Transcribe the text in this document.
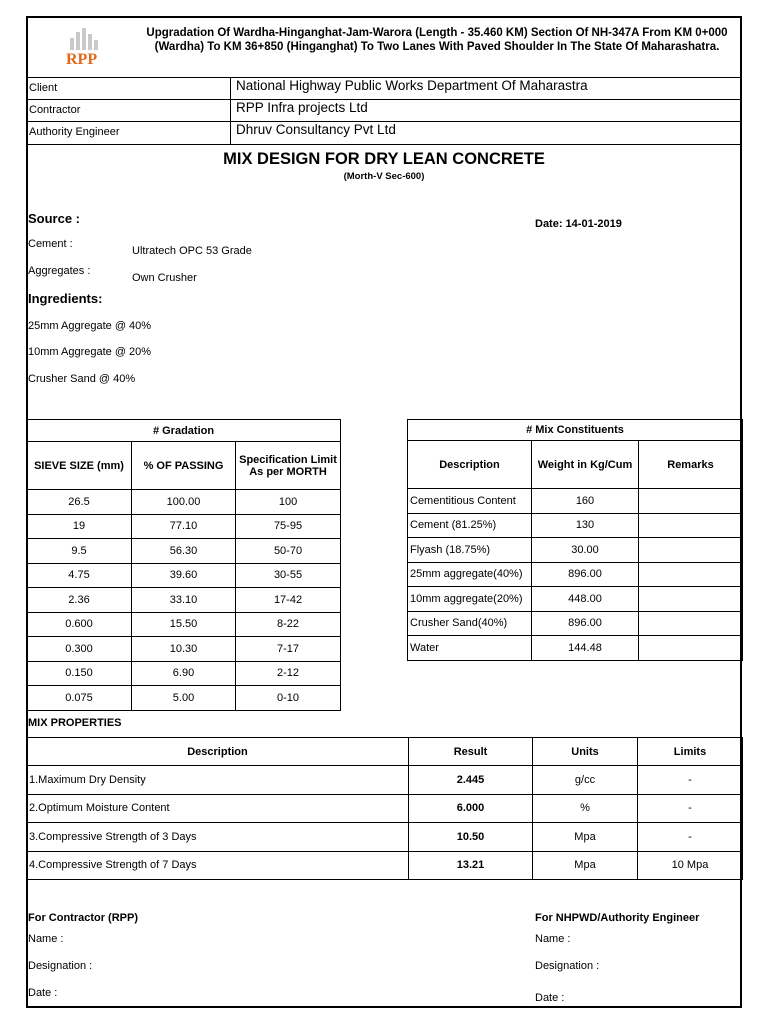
RPP
Upgradation Of Wardha-Hinganghat-Jam-Warora (Length - 35.460 KM) Section Of NH-347A From KM 0+000 (Wardha) To KM 36+850 (Hinganghat) To Two Lanes With Paved Shoulder In The State Of Maharashatra.
Client	National Highway Public Works Department Of Maharastra
Contractor	RPP Infra projects Ltd
Authority Engineer	Dhruv Consultancy Pvt Ltd
MIX DESIGN FOR DRY LEAN CONCRETE
(Morth-V Sec-600)
Source :	Date: 14-01-2019
Cement :
Ultratech OPC 53 Grade
Aggregates :
Own Crusher
Ingredients:
25mm Aggregate @ 40%
10mm Aggregate @ 20%
Crusher Sand @ 40%
# Gradation		
SIEVE SIZE (mm)	% OF PASSING	Specification Limit As per MORTH
26.5	100.00	100
19	77.10	75-95
9.5	56.30	50-70
4.75	39.60	30-55
2.36	33.10	17-42
0.600	15.50	8-22
0.300	10.30	7-17
0.150	6.90	2-12
0.075	5.00	0-10
# Mix Constituents		
Description	Weight in Kg/Cum	Remarks
Cementitious Content	160	
Cement (81.25%)	130	
Flyash (18.75%)	30.00	
25mm aggregate(40%)	896.00	
10mm aggregate(20%)	448.00	
Crusher Sand(40%)	896.00	
Water	144.48	
MIX PROPERTIES
Description	Result	Units	Limits
1.Maximum Dry Density	2.445	g/cc	-
2.Optimum Moisture Content	6.000	%	-
3.Compressive Strength of 3 Days	10.50	Mpa	-
4.Compressive Strength of 7 Days	13.21	Mpa	10 Mpa
For Contractor (RPP)
Name :
Designation :
Date :
For NHPWD/Authority Engineer
Name :
Designation :
Date :
